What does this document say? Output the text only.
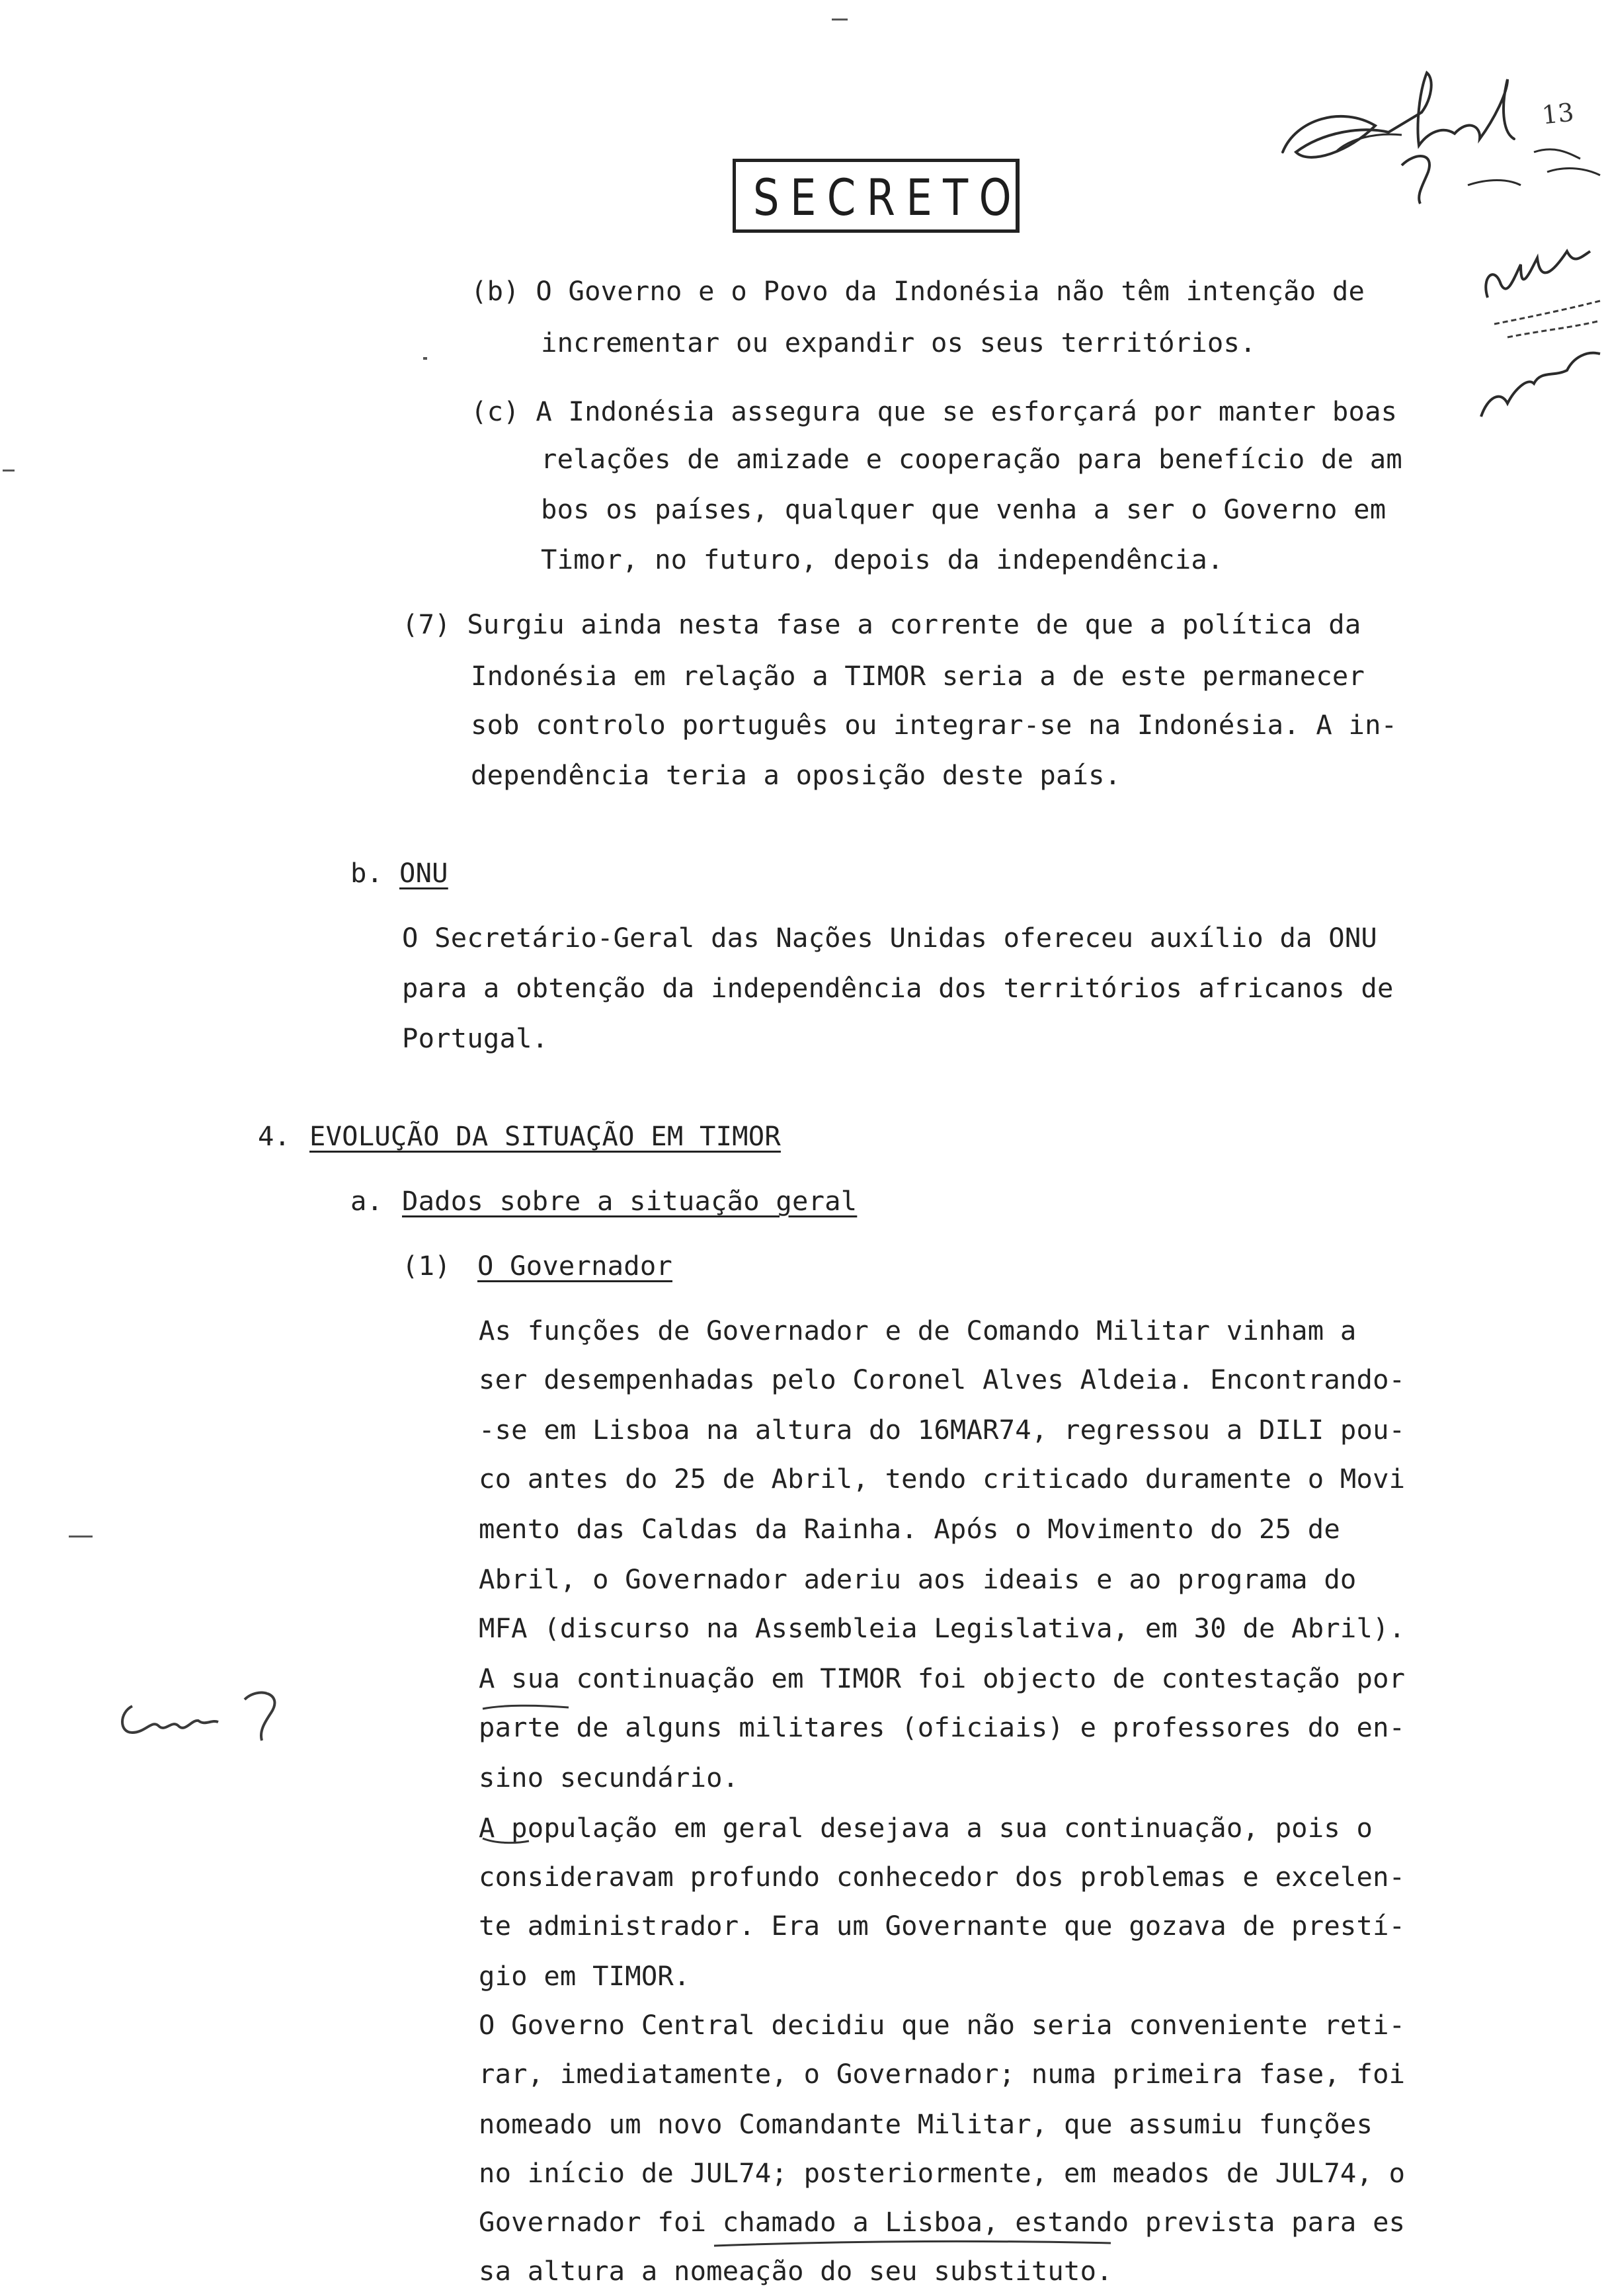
SECRETO
13
?
(b) O Governo e o Povo da Indonésia não têm intenção de
incrementar ou expandir os seus territórios.
(c) A Indonésia assegura que se esforçará por manter boas
relações de amizade e cooperação para benefício de am
bos os países, qualquer que venha a ser o Governo em
Timor, no futuro, depois da independência.
(7) Surgiu ainda nesta fase a corrente de que a política da
Indonésia em relação a TIMOR seria a de este permanecer
sob controlo português ou integrar-se na Indonésia. A in-
dependência teria a oposição deste país.
b. ONU
O Secretário-Geral das Nações Unidas ofereceu auxílio da ONU
para a obtenção da independência dos territórios africanos de
Portugal.
4. EVOLUÇÃO DA SITUAÇÃO EM TIMOR
a. Dados sobre a situação geral
(1) O Governador
As funções de Governador e de Comando Militar vinham a
ser desempenhadas pelo Coronel Alves Aldeia. Encontrando-
-se em Lisboa na altura do 16MAR74, regressou a DILI pou-
co antes do 25 de Abril, tendo criticado duramente o Movi
mento das Caldas da Rainha. Após o Movimento do 25 de
Abril, o Governador aderiu aos ideais e ao programa do
MFA (discurso na Assembleia Legislativa, em 30 de Abril).
A sua continuação em TIMOR foi objecto de contestação por
parte de alguns militares (oficiais) e professores do en-
sino secundário.
A população em geral desejava a sua continuação, pois o
consideravam profundo conhecedor dos problemas e excelen-
te administrador. Era um Governante que gozava de prestí-
gio em TIMOR.
O Governo Central decidiu que não seria conveniente reti-
rar, imediatamente, o Governador; numa primeira fase, foi
nomeado um novo Comandante Militar, que assumiu funções
no início de JUL74; posteriormente, em meados de JUL74, o
Governador foi chamado a Lisboa, estando prevista para es
sa altura a nomeação do seu substituto.
